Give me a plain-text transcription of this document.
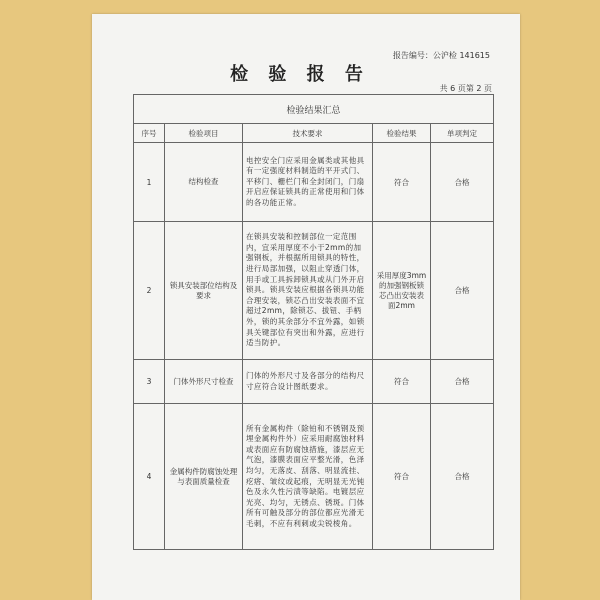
报告编号：公沪检 141615
检 验 报 告
共 6 页第 2 页
检验结果汇总				
序号	检验项目	技术要求	检验结果	单项判定
1	结构检查	电控安全门应采用金属类或其他具有一定强度材料制造的平开式门、平移门、栅栏门和全封闭门，门扇开启应保证锁具的正常使用和门体的各功能正常。	符合	合格
2	锁具安装部位结构及要求	在锁具安装和控制部位一定范围内，宜采用厚度不小于2mm的加强钢板，并根据所用锁具的特性，进行局部加强，以阻止穿透门体，用手或工具拆卸锁具或从门外开启锁具。锁具安装应根据各锁具功能合理安装，锁芯凸出安装表面不宜超过2mm，除锁芯、拔钮、手柄外，锁的其余部分不宜外露，如锁具关键部位有突出和外露，应进行适当防护。	采用厚度3mm的加强钢板锁芯凸出安装表面2mm	合格
3	门体外形尺寸检查	门体的外形尺寸及各部分的结构尺寸应符合设计图纸要求。	符合	合格
4	金属构件防腐蚀处理与表面质量检查	所有金属构件（除铂和不锈钢及预埋金属构件外）应采用耐腐蚀材料或表面应有防腐蚀措施，漆层应无气泡，漆膜表面应平整光滑，色泽均匀，无落皮、刮落、明显流挂、疙瘩、皱纹或起痕，无明显无光钝色及永久性污渍等缺陷。电镀层应光亮、均匀，无锈点、锈斑。门体所有可触及部分的部位都应光滑无毛刺，不应有利刺或尖锐棱角。	符合	合格
